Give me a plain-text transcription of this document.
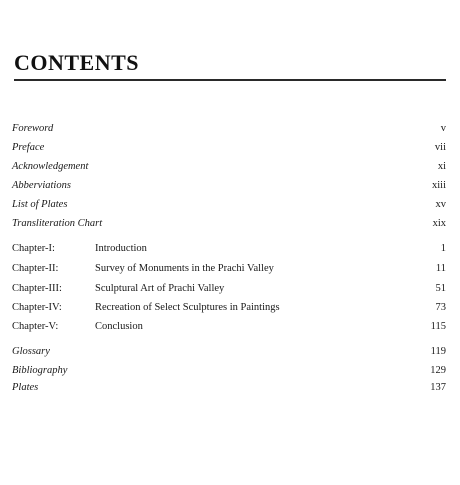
CONTENTS
Foreword	v
Preface	vii
Acknowledgement	xi
Abberviations	xiii
List of Plates	xv
Transliteration Chart	xix
Chapter-I:	Introduction	1
Chapter-II:	Survey of Monuments in the Prachi Valley	11
Chapter-III:	Sculptural Art of Prachi Valley	51
Chapter-IV:	Recreation of Select Sculptures in Paintings	73
Chapter-V:	Conclusion	115
Glossary	119
Bibliography	129
Plates	137
